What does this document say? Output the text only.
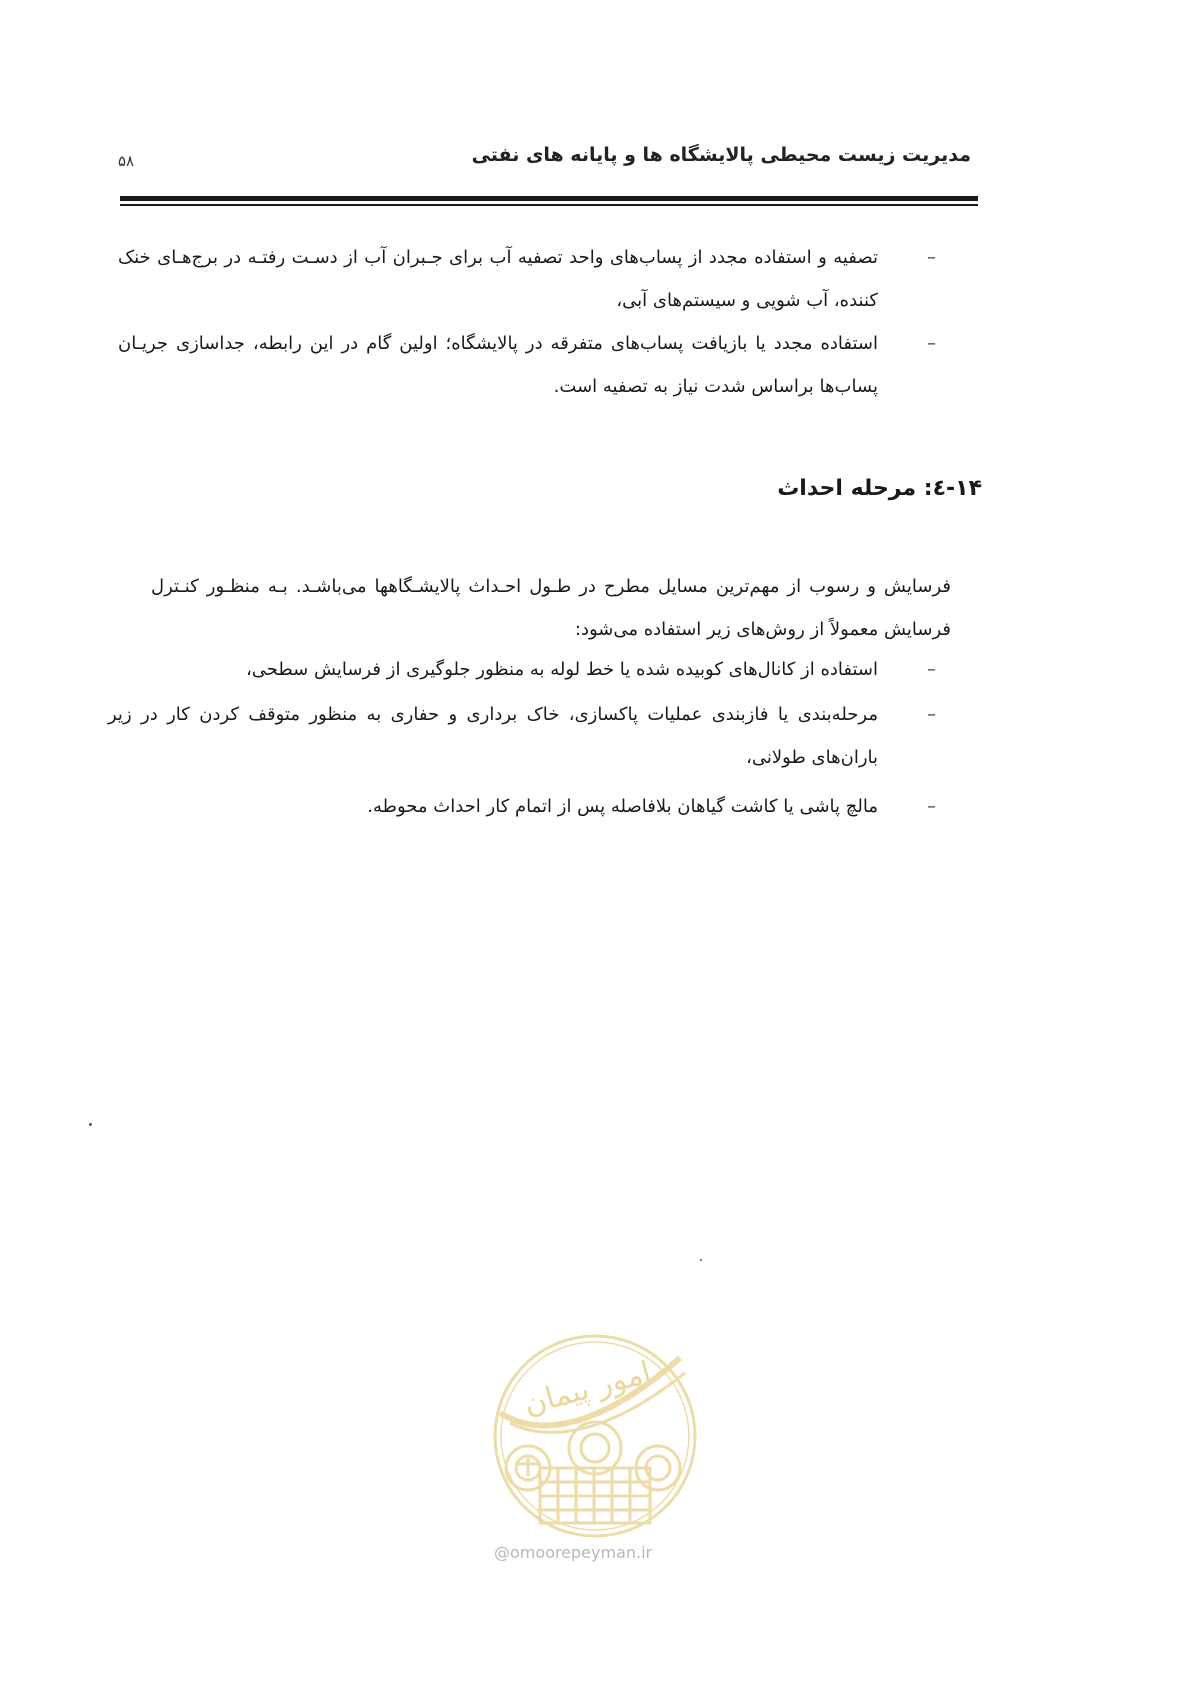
۵۸	مدیریت زیست محیطی پالایشگاه ها و پایانه های نفتی
–
تصفیه و استفاده مجدد از پساب‌های واحد تصفیه آب برای جـبران آب از دسـت رفتـه در برج‌هـای خنک کننده، آب شویی و سیستم‌های آبی،
–
استفاده مجدد یا بازیافت پساب‌های متفرقه در پالایشگاه؛ اولین گام در این رابطه، جداسازی جریـان پساب‌ها براساس شدت نیاز به تصفیه است.
۱۴-٤: مرحله احداث
فرسایش و رسوب از مهم‌ترین مسایل مطرح در طـول احـداث پالایشـگاهها می‌باشـد. بـه منظـور کنـترل فرسایش معمولاً از روش‌های زیر استفاده می‌شود:
–
استفاده از کانال‌های کوبیده شده یا خط لوله به منظور جلوگیری از فرسایش سطحی،
–
مرحله‌بندی یا فازبندی عملیات پاکسازی، خاک برداری و حفاری به منظور متوقف کردن کار در زیر باران‌های طولانی،
–
مالچ پاشی یا کاشت گیاهان بلافاصله پس از اتمام کار احداث محوطه.
امور پیمان
@omoorepeyman.ir
